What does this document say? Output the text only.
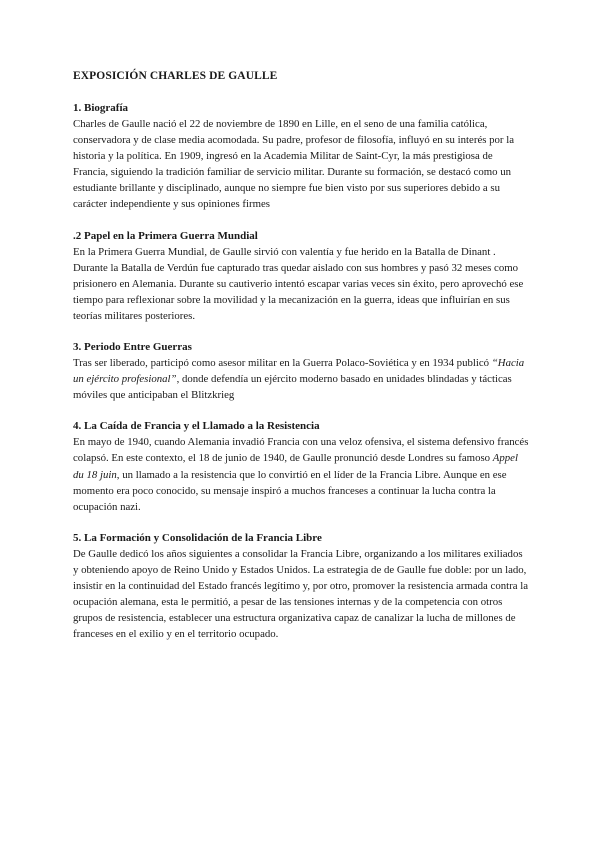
EXPOSICIÓN CHARLES DE GAULLE
1. Biografía

Charles de Gaulle nació el 22 de noviembre de 1890 en Lille, en el seno de una familia católica, conservadora y de clase media acomodada. Su padre, profesor de filosofía, influyó en su interés por la historia y la política. En 1909, ingresó en la Academia Militar de Saint-Cyr, la más prestigiosa de Francia, siguiendo la tradición familiar de servicio militar. Durante su formación, se destacó como un estudiante brillante y disciplinado, aunque no siempre fue bien visto por sus superiores debido a su carácter independiente y sus opiniones firmes

.2 Papel en la Primera Guerra Mundial

En la Primera Guerra Mundial, de Gaulle sirvió con valentía y fue herido en la Batalla de Dinant . Durante la Batalla de Verdún fue capturado tras quedar aislado con sus hombres y pasó 32 meses como prisionero en Alemania. Durante su cautiverio intentó escapar varias veces sin éxito, pero aprovechó ese tiempo para reflexionar sobre la movilidad y la mecanización en la guerra, ideas que influirían en sus teorías militares posteriores.

3. Periodo Entre Guerras

Tras ser liberado, participó como asesor militar en la Guerra Polaco-Soviética y en 1934 publicó “Hacia un ejército profesional”, donde defendía un ejército moderno basado en unidades blindadas y tácticas móviles que anticipaban el Blitzkrieg

4. La Caída de Francia y el Llamado a la Resistencia

En mayo de 1940, cuando Alemania invadió Francia con una veloz ofensiva, el sistema defensivo francés colapsó. En este contexto, el 18 de junio de 1940, de Gaulle pronunció desde Londres su famoso Appel du 18 juin, un llamado a la resistencia que lo convirtió en el líder de la Francia Libre. Aunque en ese momento era poco conocido, su mensaje inspiró a muchos franceses a continuar la lucha contra la ocupación nazi.

5. La Formación y Consolidación de la Francia Libre

De Gaulle dedicó los años siguientes a consolidar la Francia Libre, organizando a los militares exiliados y obteniendo apoyo de Reino Unido y Estados Unidos. La estrategia de de Gaulle fue doble: por un lado, insistir en la continuidad del Estado francés legítimo y, por otro, promover la resistencia armada contra la ocupación alemana, esta le permitió, a pesar de las tensiones internas y de la competencia con otros grupos de resistencia, establecer una estructura organizativa capaz de canalizar la lucha de millones de franceses en el exilio y en el territorio ocupado.
